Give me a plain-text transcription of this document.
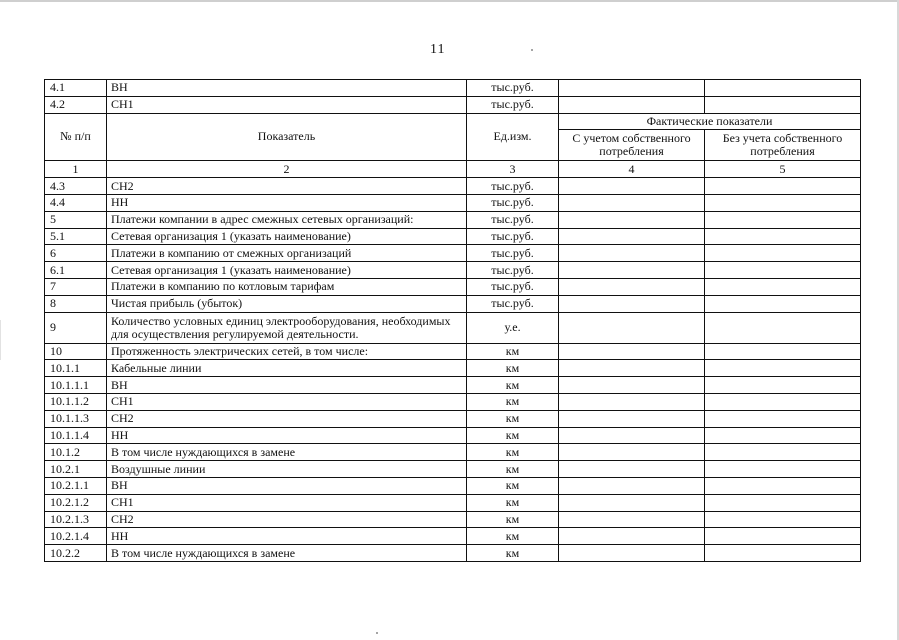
11
4.1	ВН	тыс.руб.		
4.2	СН1	тыс.руб.		
№ п/п	Показатель	Ед.изм.	Фактические показатели	
			С учетом собственного потребления	Без учета собственного потребления
1	2	3	4	5
4.3	СН2	тыс.руб.		
4.4	НН	тыс.руб.		
5	Платежи компании в адрес смежных сетевых организаций:	тыс.руб.		
5.1	Сетевая организация 1 (указать наименование)	тыс.руб.		
6	Платежи в компанию от смежных организаций	тыс.руб.		
6.1	Сетевая организация 1 (указать наименование)	тыс.руб.		
7	Платежи в компанию по котловым тарифам	тыс.руб.		
8	Чистая прибыль (убыток)	тыс.руб.		
9	Количество условных единиц электрооборудования, необходимых для осуществления регулируемой деятельности.	у.е.		
10	Протяженность электрических сетей, в том числе:	км		
10.1.1	Кабельные линии	км		
10.1.1.1	ВН	км		
10.1.1.2	СН1	км		
10.1.1.3	СН2	км		
10.1.1.4	НН	км		
10.1.2	В том числе нуждающихся в замене	км		
10.2.1	Воздушные линии	км		
10.2.1.1	ВН	км		
10.2.1.2	СН1	км		
10.2.1.3	СН2	км		
10.2.1.4	НН	км		
10.2.2	В том числе нуждающихся в замене	км		
